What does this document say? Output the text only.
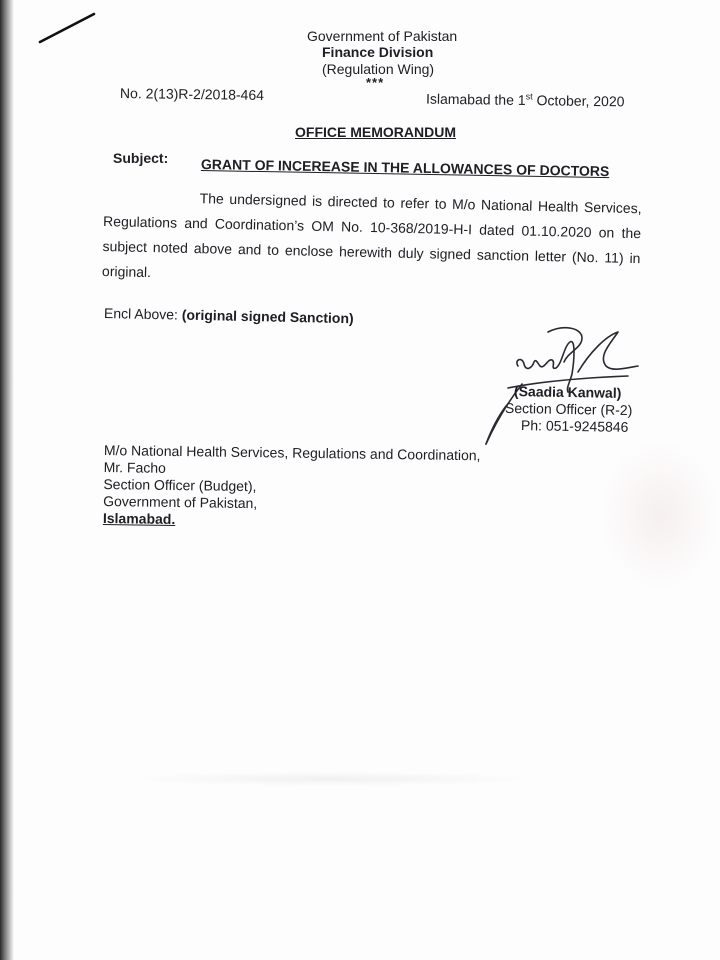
Government of Pakistan
Finance Division
(Regulation Wing)
***
No. 2(13)R-2/2018-464	Islamabad the 1st October, 2020
OFFICE MEMORANDUM
Subject: GRANT OF INCEREASE IN THE ALLOWANCES OF DOCTORS
The undersigned is directed to refer to M/o National Health Services, Regulations and Coordination’s OM No. 10-368/2019-H-I dated 01.10.2020 on the subject noted above and to enclose herewith duly signed sanction letter (No. 11) in original.
Encl Above: (original signed Sanction)
(Saadia Kanwal)
Section Officer (R-2)
Ph: 051-9245846
M/o National Health Services, Regulations and Coordination,
Mr. Facho
Section Officer (Budget),
Government of Pakistan,
Islamabad.
